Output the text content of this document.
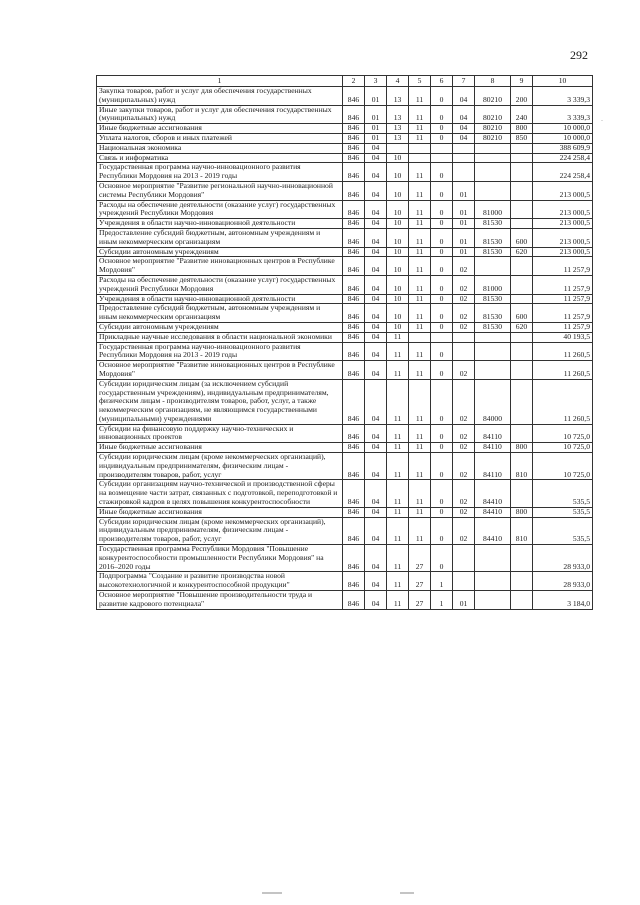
292
1	2	3	4	5	6	7	8	9	10
Закупка товаров, работ и услуг для обеспечения государственных (муниципальных) нужд	846	01	13	11	0	04	80210	200	3 339,3
Иные закупки товаров, работ и услуг для обеспечения государственных (муниципальных) нужд	846	01	13	11	0	04	80210	240	3 339,3
Иные бюджетные ассигнования	846	01	13	11	0	04	80210	800	10 000,0
Уплата налогов, сборов и иных платежей	846	01	13	11	0	04	80210	850	10 000,0
Национальная экономика	846	04							388 609,9
Связь и информатика	846	04	10						224 258,4
Государственная программа научно-инновационного развития Республики Мордовия на 2013 - 2019 годы	846	04	10	11	0				224 258,4
Основное мероприятие "Развитие региональной научно-инновационной системы Республики Мордовия"	846	04	10	11	0	01			213 000,5
Расходы на обеспечение деятельности (оказание услуг) государственных учреждений Республики Мордовия	846	04	10	11	0	01	81000		213 000,5
Учреждения в области научно-инновационной деятельности	846	04	10	11	0	01	81530		213 000,5
Предоставление субсидий бюджетным, автономным учреждениям и иным некоммерческим организациям	846	04	10	11	0	01	81530	600	213 000,5
Субсидии автономным учреждениям	846	04	10	11	0	01	81530	620	213 000,5
Основное мероприятие "Развитие инновационных центров в Республике Мордовия"	846	04	10	11	0	02			11 257,9
Расходы на обеспечение деятельности (оказание услуг) государственных учреждений Республики Мордовия	846	04	10	11	0	02	81000		11 257,9
Учреждения в области научно-инновационной деятельности	846	04	10	11	0	02	81530		11 257,9
Предоставление субсидий бюджетным, автономным учреждениям и иным некоммерческим организациям	846	04	10	11	0	02	81530	600	11 257,9
Субсидии автономным учреждениям	846	04	10	11	0	02	81530	620	11 257,9
Прикладные научные исследования в области национальной экономики	846	04	11						40 193,5
Государственная программа научно-инновационного развития Республики Мордовия на 2013 - 2019 годы	846	04	11	11	0				11 260,5
Основное мероприятие "Развитие инновационных центров в Республике Мордовия"	846	04	11	11	0	02			11 260,5
Субсидии юридическим лицам (за исключением субсидий государственным учреждениям), индивидуальным предпринимателям, физическим лицам - производителям товаров, работ, услуг, а также некоммерческим организациям, не являющимся государственными (муниципальными) учреждениями	846	04	11	11	0	02	84000		11 260,5
Субсидии на финансовую поддержку научно-технических и инновационных проектов	846	04	11	11	0	02	84110		10 725,0
Иные бюджетные ассигнования	846	04	11	11	0	02	84110	800	10 725,0
Субсидии юридическим лицам (кроме некоммерческих организаций), индивидуальным предпринимателям, физическим лицам - производителям товаров, работ, услуг	846	04	11	11	0	02	84110	810	10 725,0
Субсидии организациям научно-технической и производственной сферы на возмещение части затрат, связанных с подготовкой, переподготовкой и стажировкой кадров в целях повышения конкурентоспособности	846	04	11	11	0	02	84410		535,5
Иные бюджетные ассигнования	846	04	11	11	0	02	84410	800	535,5
Субсидии юридическим лицам (кроме некоммерческих организаций), индивидуальным предпринимателям, физическим лицам - производителям товаров, работ, услуг	846	04	11	11	0	02	84410	810	535,5
Государственная программа Республики Мордовия "Повышение конкурентоспособности промышленности Республики Мордовия" на 2016–2020 годы	846	04	11	27	0				28 933,0
Подпрограмма "Создание и развитие производства новой высокотехнологичной и конкурентоспособной продукции"	846	04	11	27	1				28 933,0
Основное мероприятие "Повышение производительности труда и развитие кадрового потенциала"	846	04	11	27	1	01			3 184,0
